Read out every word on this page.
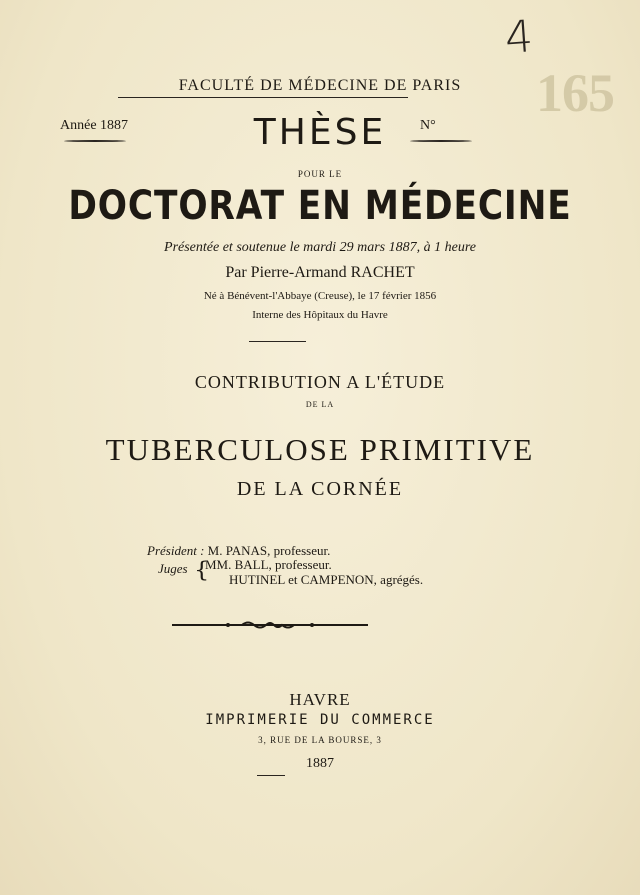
4
165
FACULTÉ DE MÉDECINE DE PARIS
Année 1887	THÈSE	N°
POUR LE
DOCTORAT EN MÉDECINE
Présentée et soutenue le mardi 29 mars 1887, à 1 heure
Par Pierre-Armand RACHET
Né à Bénévent-l'Abbaye (Creuse), le 17 février 1856
Interne des Hôpitaux du Havre
CONTRIBUTION A L'ÉTUDE
DE LA
TUBERCULOSE PRIMITIVE
DE LA CORNÉE
Président : M. PANAS, professeur.
Juges {
MM. BALL, professeur.
HUTINEL et CAMPENON, agrégés.
HAVRE
IMPRIMERIE DU COMMERCE
3, RUE DE LA BOURSE, 3
1887
